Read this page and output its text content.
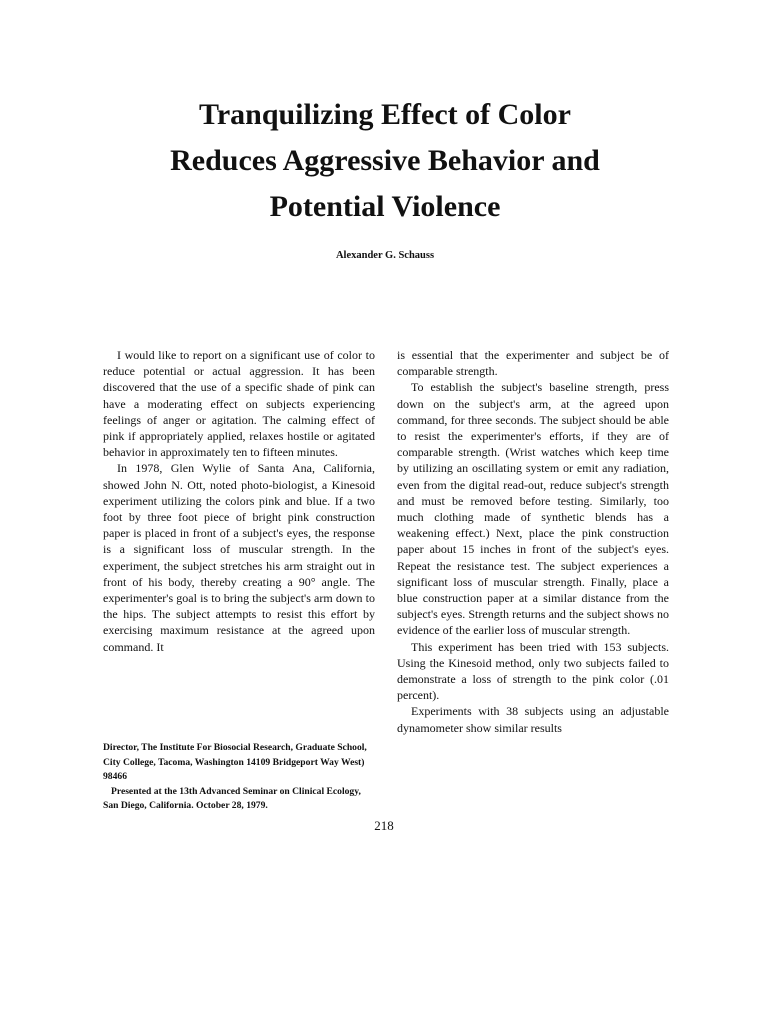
Tranquilizing Effect of Color
Reduces Aggressive Behavior and
Potential Violence

Alexander G. Schauss

I would like to report on a significant use of color to reduce potential or actual aggression. It has been discovered that the use of a specific shade of pink can have a moderating effect on subjects experiencing feelings of anger or agitation. The calming effect of pink if appropriately applied, relaxes hostile or agitated behavior in approximately ten to fifteen minutes.

In 1978, Glen Wylie of Santa Ana, California, showed John N. Ott, noted photo-biologist, a Kinesoid experiment utilizing the colors pink and blue. If a two foot by three foot piece of bright pink construction paper is placed in front of a subject's eyes, the response is a significant loss of muscular strength. In the experiment, the subject stretches his arm straight out in front of his body, thereby creating a 90° angle. The experimenter's goal is to bring the subject's arm down to the hips. The subject attempts to resist this effort by exercising maximum resistance at the agreed upon command. It

is essential that the experimenter and subject be of comparable strength.

To establish the subject's baseline strength, press down on the subject's arm, at the agreed upon command, for three seconds. The subject should be able to resist the experimenter's efforts, if they are of comparable strength. (Wrist watches which keep time by utilizing an oscillating system or emit any radiation, even from the digital read-out, reduce subject's strength and must be removed before testing. Similarly, too much clothing made of synthetic blends has a weakening effect.) Next, place the pink construction paper about 15 inches in front of the subject's eyes. Repeat the resistance test. The subject experiences a significant loss of muscular strength. Finally, place a blue construction paper at a similar distance from the subject's eyes. Strength returns and the subject shows no evidence of the earlier loss of muscular strength.

This experiment has been tried with 153 subjects. Using the Kinesoid method, only two subjects failed to demonstrate a loss of strength to the pink color (.01 percent).

Experiments with 38 subjects using an adjustable dynamometer show similar results

Director, The Institute For Biosocial Research, Graduate School, City College, Tacoma, Washington 14109 Bridgeport Way West) 98466

Presented at the 13th Advanced Seminar on Clinical Ecology, San Diego, California. October 28, 1979.

218
